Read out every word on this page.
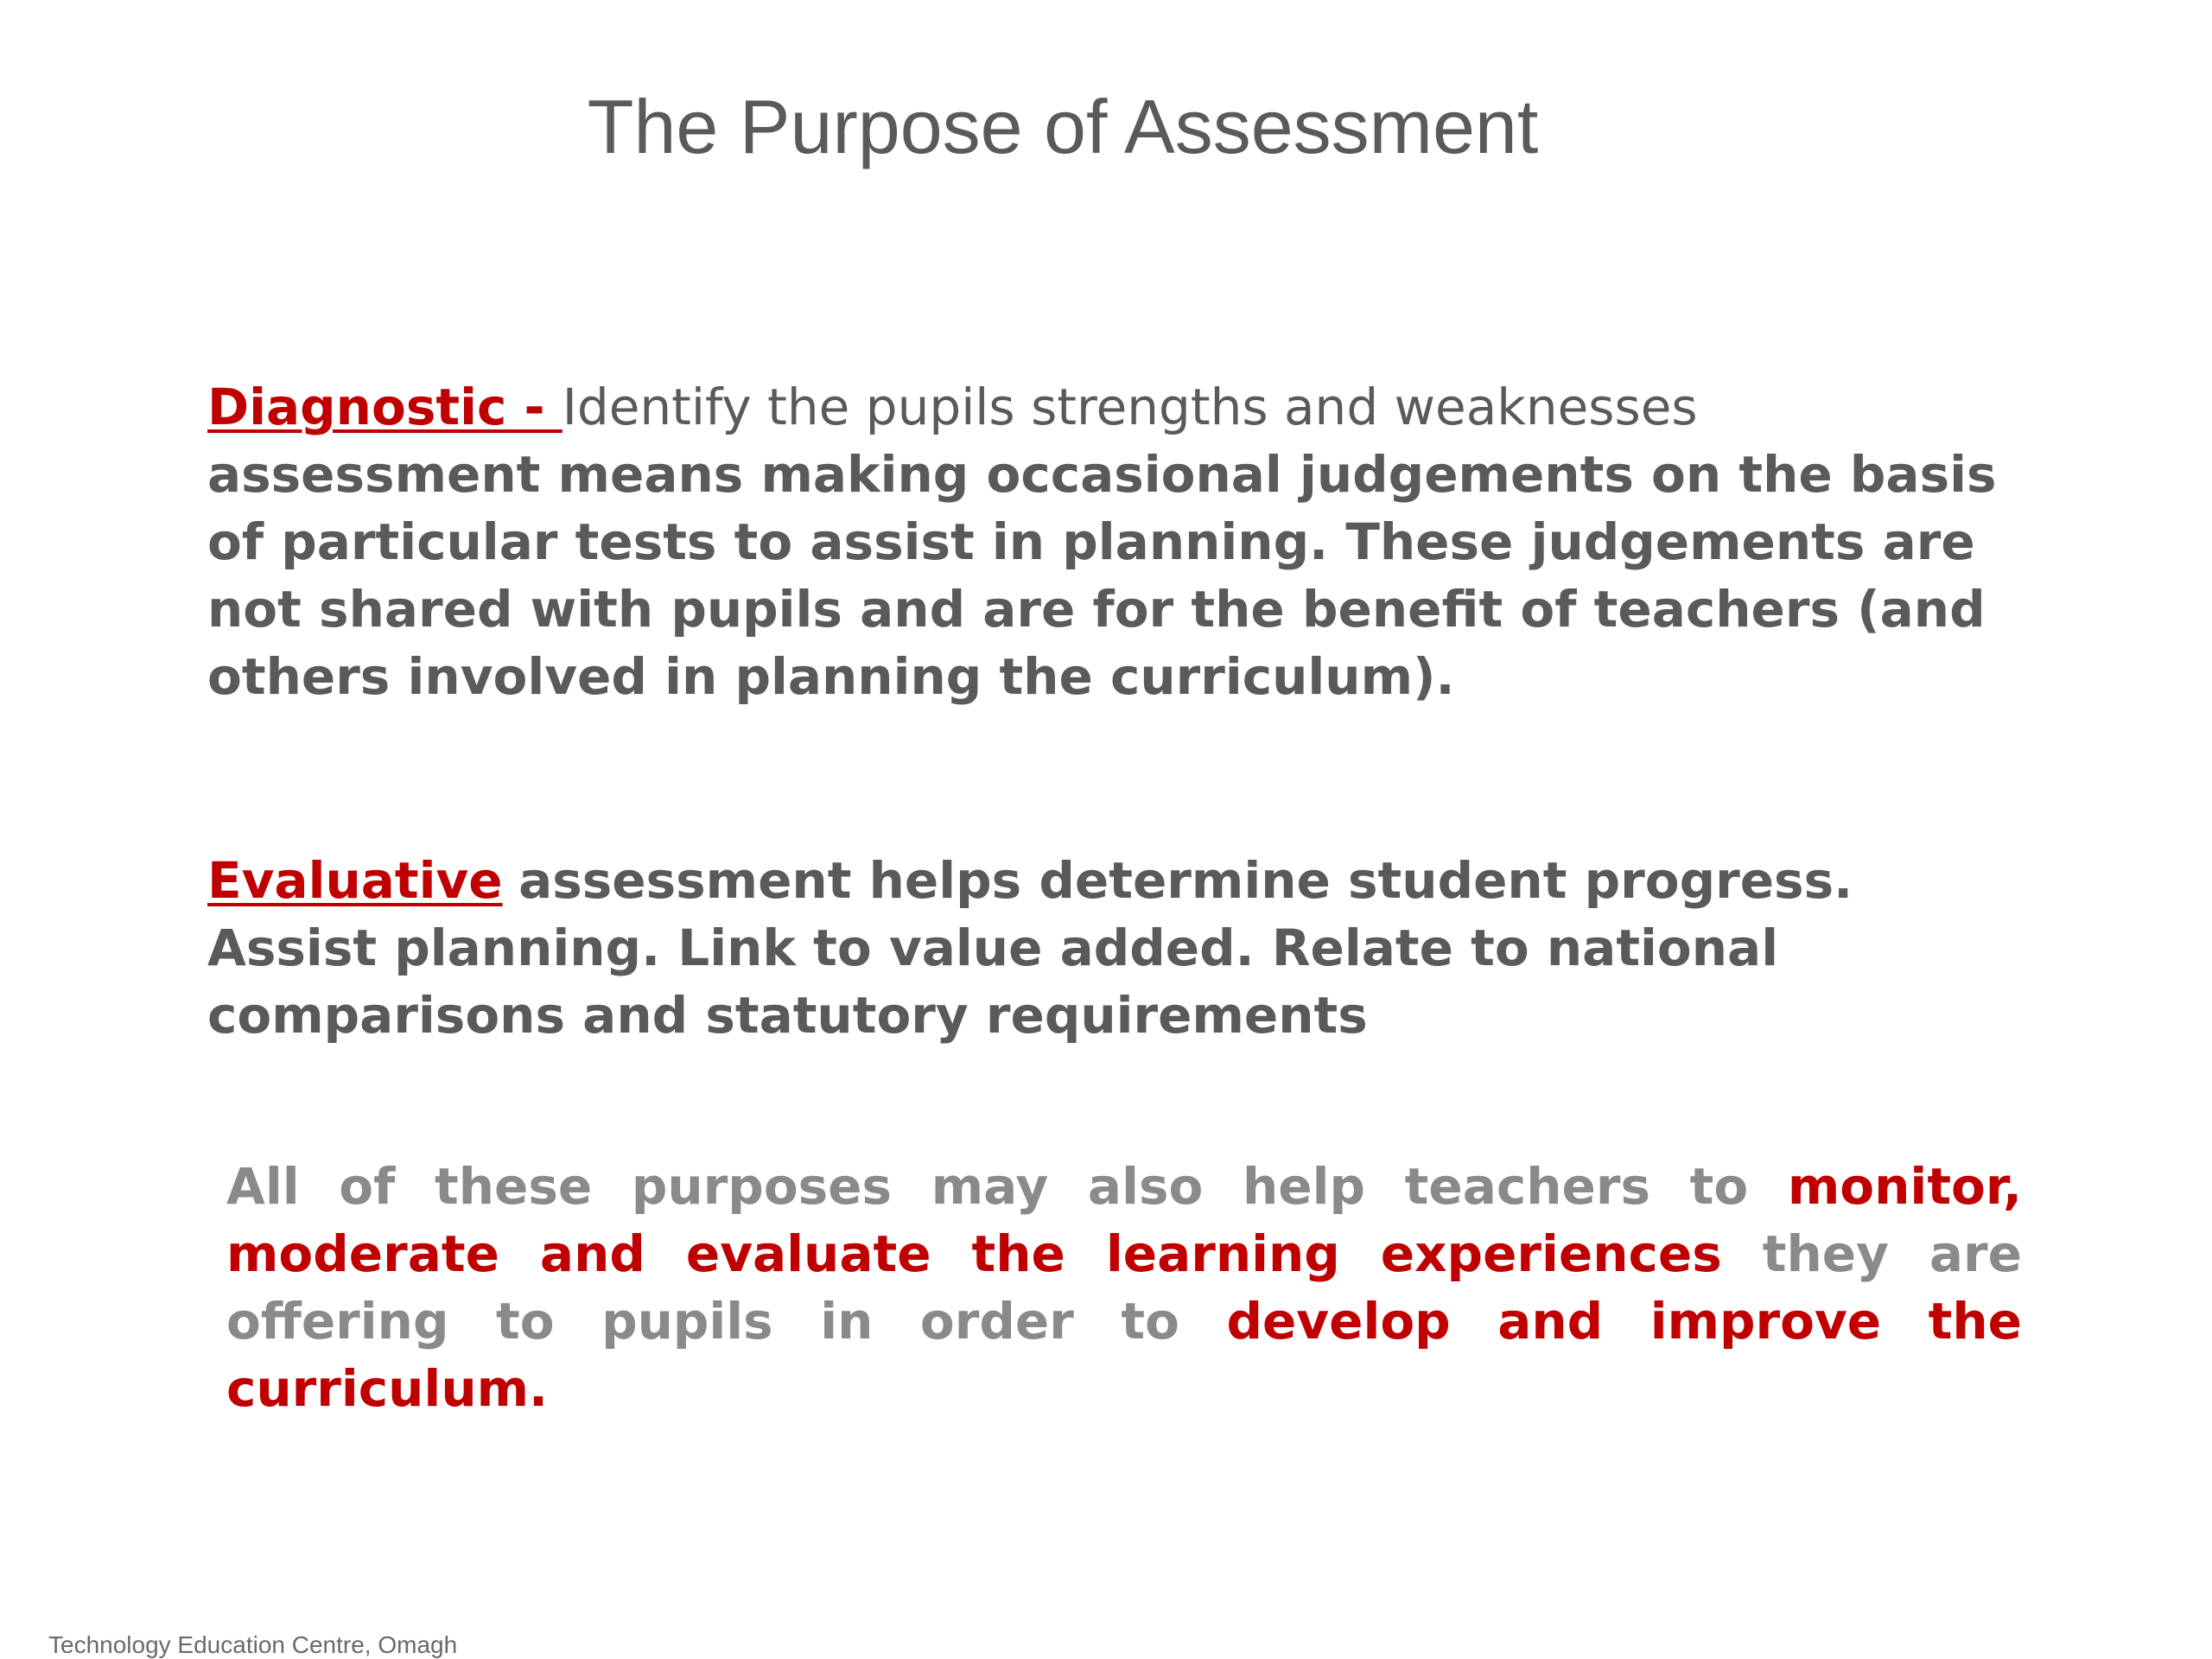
The Purpose of Assessment
Diagnostic - Identify the pupils strengths and weaknesses assessment means making occasional judgements on the basis of particular tests to assist in planning. These judgements are not shared with pupils and are for the benefit of teachers (and others involved in planning the curriculum).
Evaluative assessment helps determine student progress. Assist planning. Link to value added. Relate to national comparisons and statutory requirements
All of these purposes may also help teachers to monitor, moderate and evaluate the learning experiences they are offering to pupils in order to develop and improve the curriculum.
Technology Education Centre, Omagh
